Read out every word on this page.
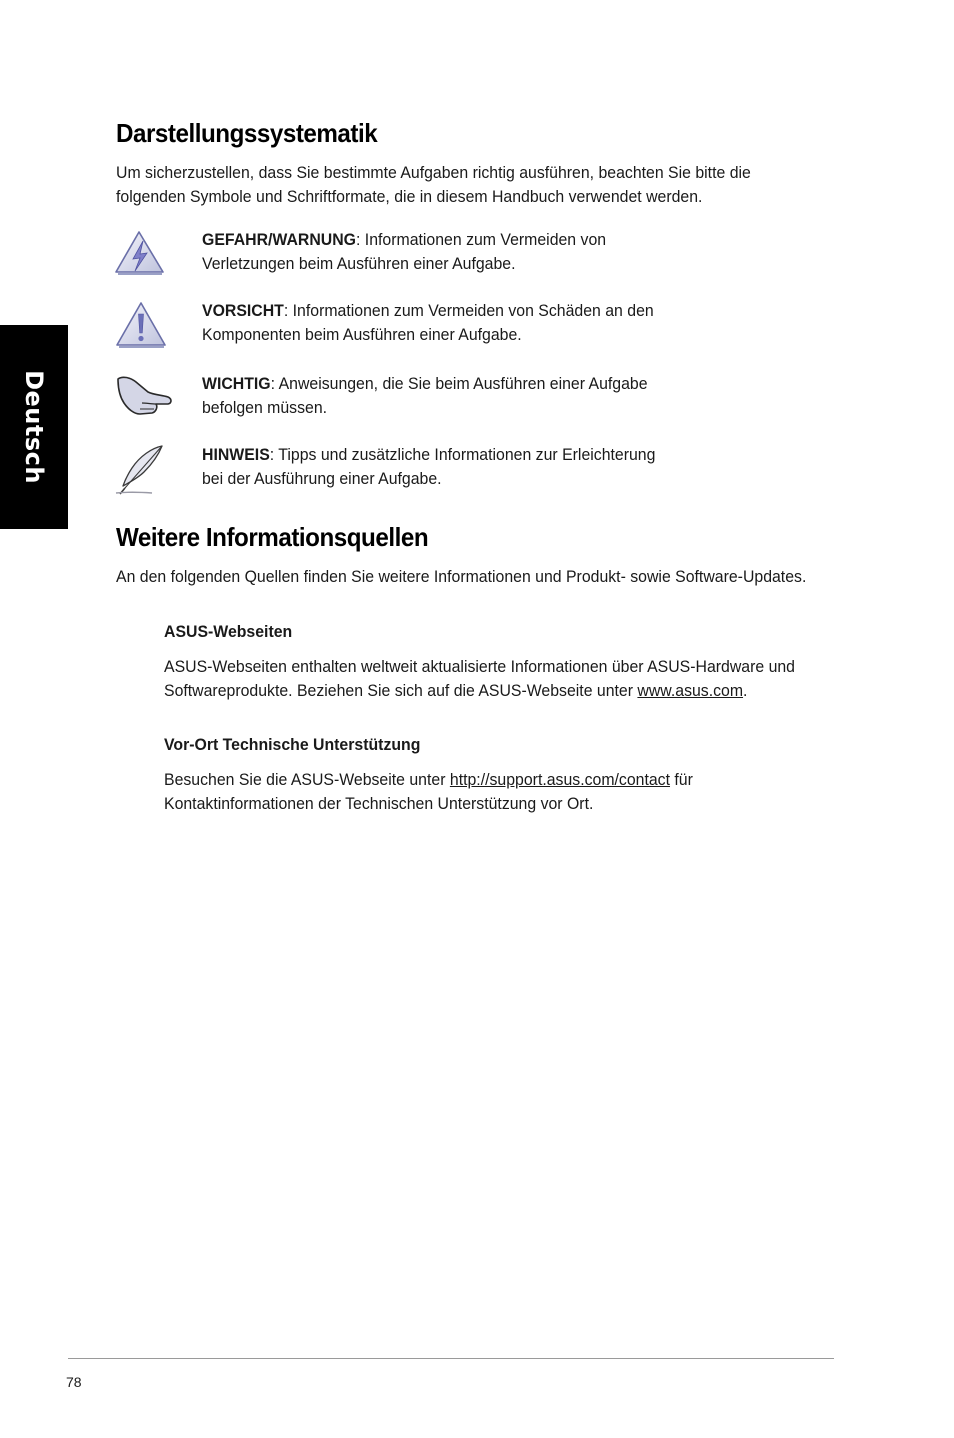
Deutsch
Darstellungssystematik

Um sicherzustellen, dass Sie bestimmte Aufgaben richtig ausführen, beachten Sie bitte die folgenden Symbole und Schriftformate, die in diesem Handbuch verwendet werden.

GEFAHR/WARNUNG: Informationen zum Vermeiden von
Verletzungen beim Ausführen einer Aufgabe.

VORSICHT: Informationen zum Vermeiden von Schäden an den
Komponenten beim Ausführen einer Aufgabe.

WICHTIG: Anweisungen, die Sie beim Ausführen einer Aufgabe
befolgen müssen.

HINWEIS: Tipps und zusätzliche Informationen zur Erleichterung
bei der Ausführung einer Aufgabe.

Weitere Informationsquellen

An den folgenden Quellen finden Sie weitere Informationen und Produkt- sowie Software-Updates.

ASUS-Webseiten

ASUS-Webseiten enthalten weltweit aktualisierte Informationen über ASUS-Hardware und Softwareprodukte. Beziehen Sie sich auf die ASUS-Webseite unter www.asus.com.

Vor-Ort Technische Unterstützung

Besuchen Sie die ASUS-Webseite unter http://support.asus.com/contact für Kontaktinformationen der Technischen Unterstützung vor Ort.

78
